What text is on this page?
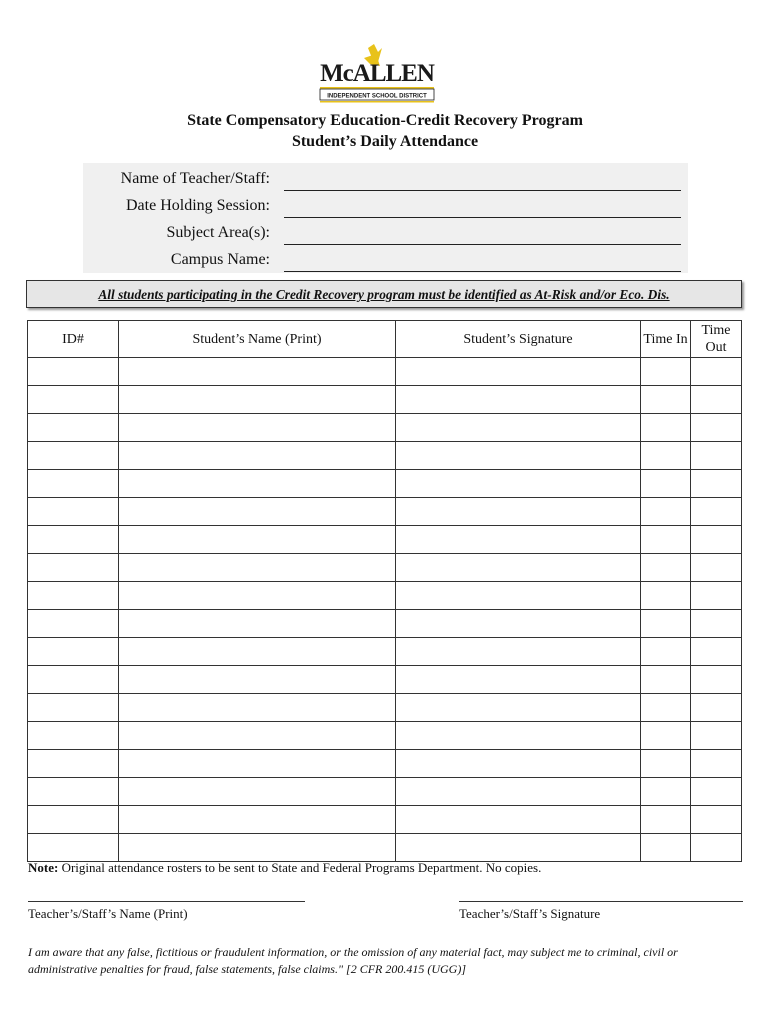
McALLEN
INDEPENDENT SCHOOL DISTRICT
State Compensatory Education-Credit Recovery Program
Student’s Daily Attendance
Name of Teacher/Staff:
Date Holding Session:
Subject Area(s):
Campus Name:
All students participating in the Credit Recovery program must be identified as At-Risk and/or Eco. Dis.
ID#	Student’s Name (Print)	Student’s Signature	Time In	Time Out

Note: Original attendance rosters to be sent to State and Federal Programs Department. No copies.
Teacher’s/Staff’s Name (Print)	Teacher’s/Staff’s Signature
I am aware that any false, fictitious or fraudulent information, or the omission of any material fact, may subject me to criminal, civil or administrative penalties for fraud, false statements, false claims." [2 CFR 200.415 (UGG)]
